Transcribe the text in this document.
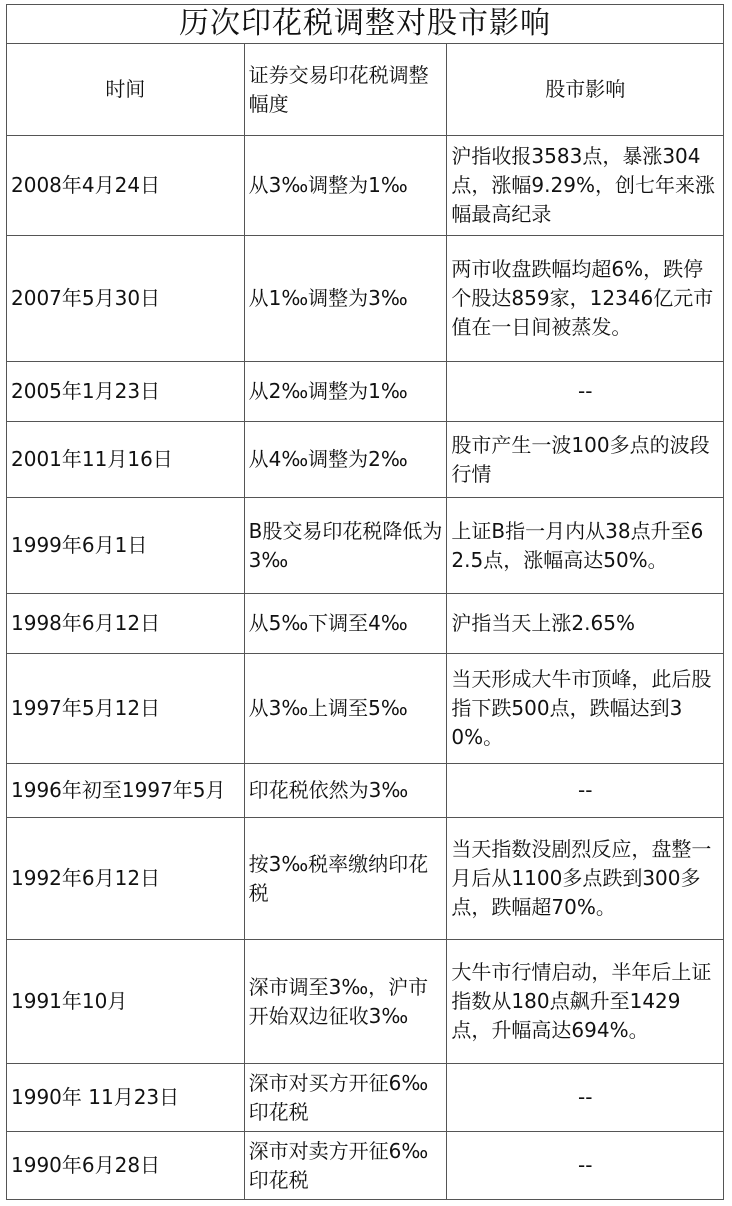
历次印花税调整对股市影响		
时间	证券交易印花税调整幅度	股市影响
2008年4月24日	从3‰调整为1‰	沪指收报3583点，暴涨304点，涨幅9.29%，创七年来涨幅最高纪录
2007年5月30日	从1‰调整为3‰	两市收盘跌幅均超6%，跌停个股达859家，12346亿元市值在一日间被蒸发。
2005年1月23日	从2‰调整为1‰	--
2001年11月16日	从4‰调整为2‰	股市产生一波100多点的波段行情
1999年6月1日	B股交易印花税降低为3‰	上证B指一月内从38点升至62.5点，涨幅高达50%。
1998年6月12日	从5‰下调至4‰	沪指当天上涨2.65%
1997年5月12日	从3‰上调至5‰	当天形成大牛市顶峰，此后股指下跌500点，跌幅达到30%。
1996年初至1997年5月	印花税依然为3‰	--
1992年6月12日	按3‰税率缴纳印花税	当天指数没剧烈反应，盘整一月后从1100多点跌到300多点，跌幅超70%。
1991年10月	深市调至3‰，沪市开始双边征收3‰	大牛市行情启动，半年后上证指数从180点飙升至1429点，升幅高达694%。
1990年 11月23日	深市对买方开征6‰印花税	--
1990年6月28日	深市对卖方开征6‰印花税	--
